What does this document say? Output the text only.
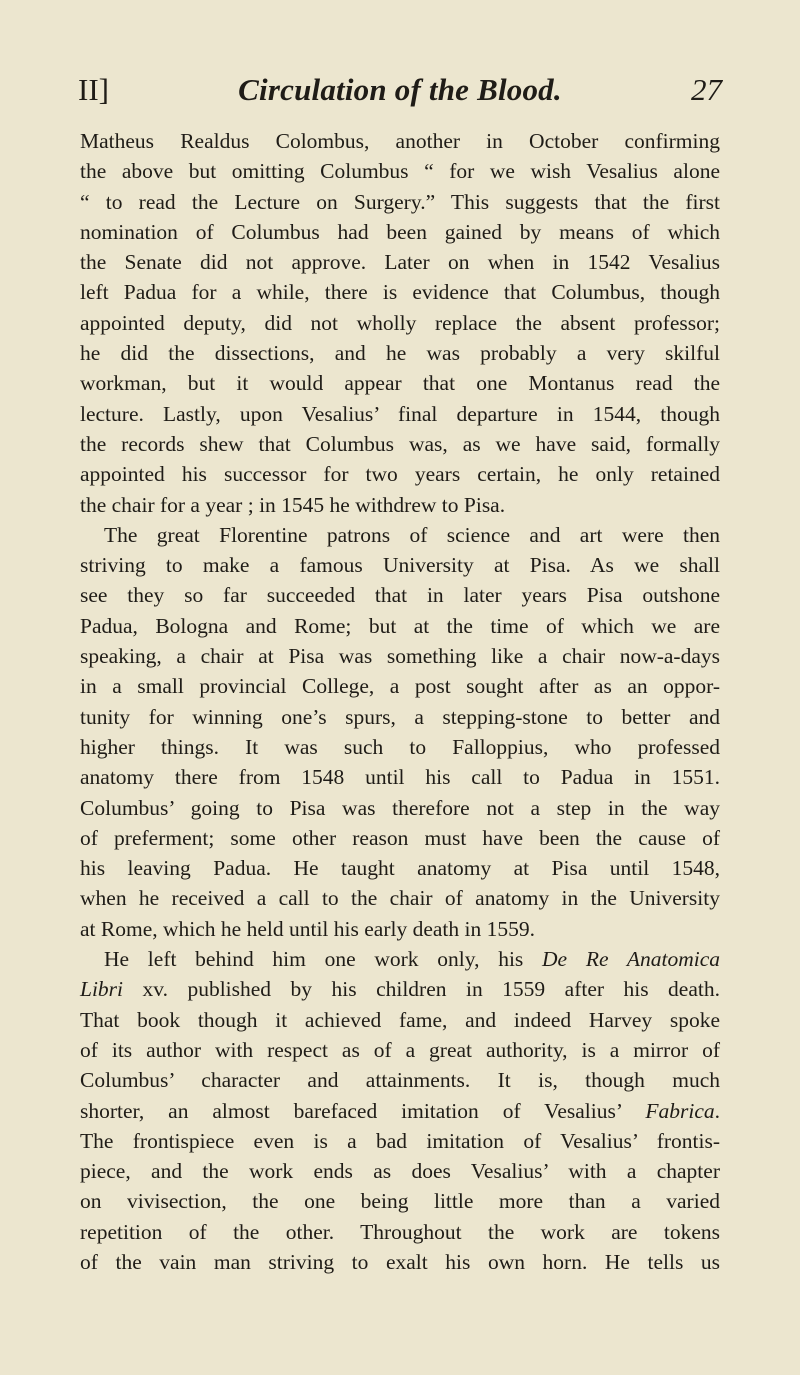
II]	Circulation of the Blood.	27
Matheus Realdus Colombus, another in October confirming
the above but omitting Columbus “ for we wish Vesalius alone
“ to read the Lecture on Surgery.” This suggests that the first
nomination of Columbus had been gained by means of which
the Senate did not approve. Later on when in 1542 Vesalius
left Padua for a while, there is evidence that Columbus, though
appointed deputy, did not wholly replace the absent professor;
he did the dissections, and he was probably a very skilful
workman, but it would appear that one Montanus read the
lecture. Lastly, upon Vesalius’ final departure in 1544, though
the records shew that Columbus was, as we have said, formally
appointed his successor for two years certain, he only retained
the chair for a year ; in 1545 he withdrew to Pisa.
The great Florentine patrons of science and art were then
striving to make a famous University at Pisa. As we shall
see they so far succeeded that in later years Pisa outshone
Padua, Bologna and Rome; but at the time of which we are
speaking, a chair at Pisa was something like a chair now-a-days
in a small provincial College, a post sought after as an oppor-
tunity for winning one’s spurs, a stepping-stone to better and
higher things. It was such to Falloppius, who professed
anatomy there from 1548 until his call to Padua in 1551.
Columbus’ going to Pisa was therefore not a step in the way
of preferment; some other reason must have been the cause of
his leaving Padua. He taught anatomy at Pisa until 1548,
when he received a call to the chair of anatomy in the University
at Rome, which he held until his early death in 1559.
He left behind him one work only, his De Re Anatomica
Libri xv. published by his children in 1559 after his death.
That book though it achieved fame, and indeed Harvey spoke
of its author with respect as of a great authority, is a mirror of
Columbus’ character and attainments. It is, though much
shorter, an almost barefaced imitation of Vesalius’ Fabrica.
The frontispiece even is a bad imitation of Vesalius’ frontis-
piece, and the work ends as does Vesalius’ with a chapter
on vivisection, the one being little more than a varied
repetition of the other. Throughout the work are tokens
of the vain man striving to exalt his own horn. He tells us
